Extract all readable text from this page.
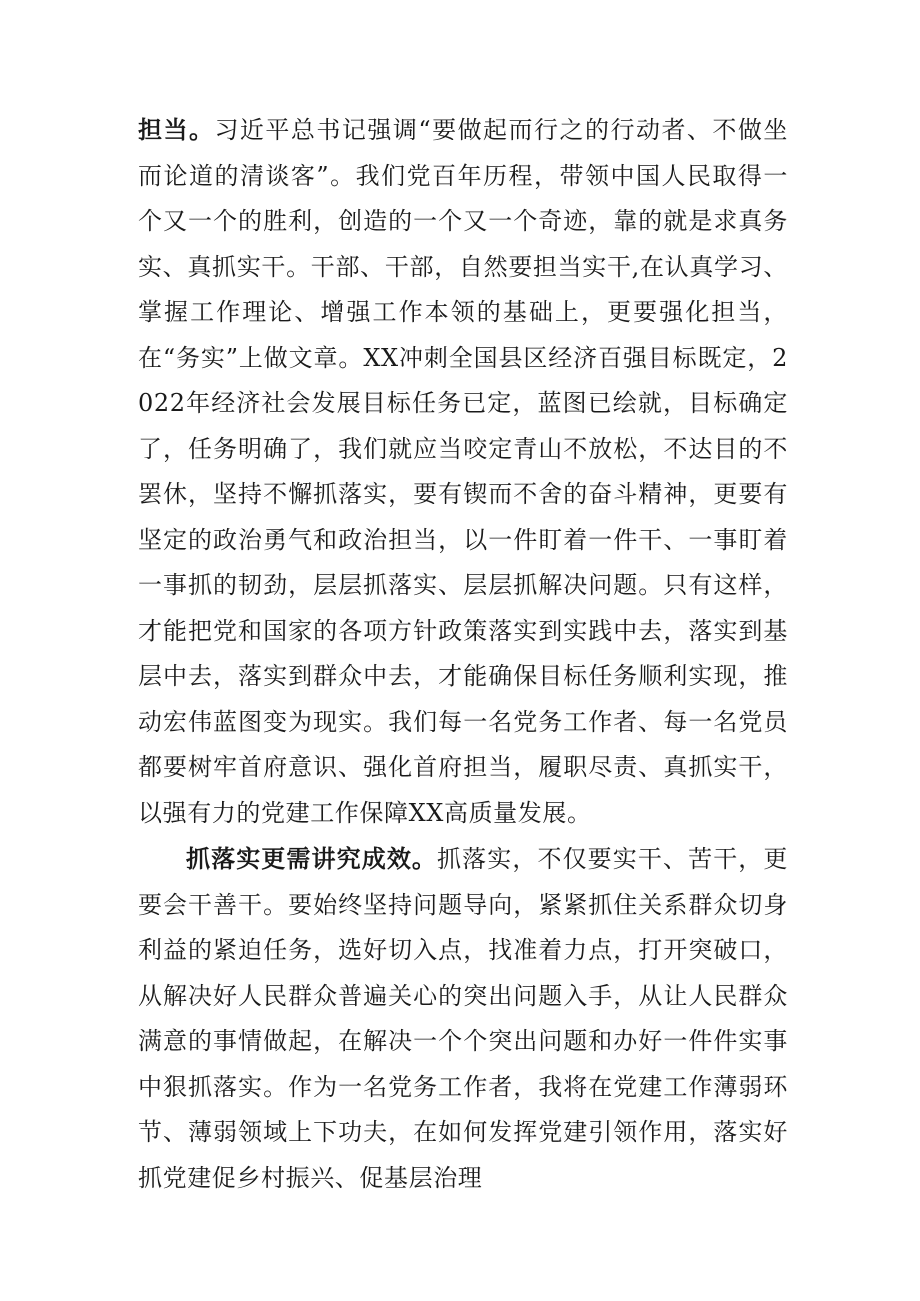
担当。习近平总书记强调“要做起而行之的行动者、不做坐而论道的清谈客”。我们党百年历程，带领中国人民取得一个又一个的胜利，创造的一个又一个奇迹，靠的就是求真务实、真抓实干。干部、干部，自然要担当实干,在认真学习、掌握工作理论、增强工作本领的基础上，更要强化担当，在“务实”上做文章。XX冲刺全国县区经济百强目标既定，2022年经济社会发展目标任务已定，蓝图已绘就，目标确定了，任务明确了，我们就应当咬定青山不放松，不达目的不罢休，坚持不懈抓落实，要有锲而不舍的奋斗精神，更要有坚定的政治勇气和政治担当，以一件盯着一件干、一事盯着一事抓的韧劲，层层抓落实、层层抓解决问题。只有这样，才能把党和国家的各项方针政策落实到实践中去，落实到基层中去，落实到群众中去，才能确保目标任务顺利实现，推动宏伟蓝图变为现实。我们每一名党务工作者、每一名党员都要树牢首府意识、强化首府担当，履职尽责、真抓实干，以强有力的党建工作保障XX高质量发展。

抓落实更需讲究成效。抓落实，不仅要实干、苦干，更要会干善干。要始终坚持问题导向，紧紧抓住关系群众切身利益的紧迫任务，选好切入点，找准着力点，打开突破口，从解决好人民群众普遍关心的突出问题入手，从让人民群众满意的事情做起，在解决一个个突出问题和办好一件件实事中狠抓落实。作为一名党务工作者，我将在党建工作薄弱环节、薄弱领域上下功夫，在如何发挥党建引领作用，落实好抓党建促乡村振兴、促基层治理
